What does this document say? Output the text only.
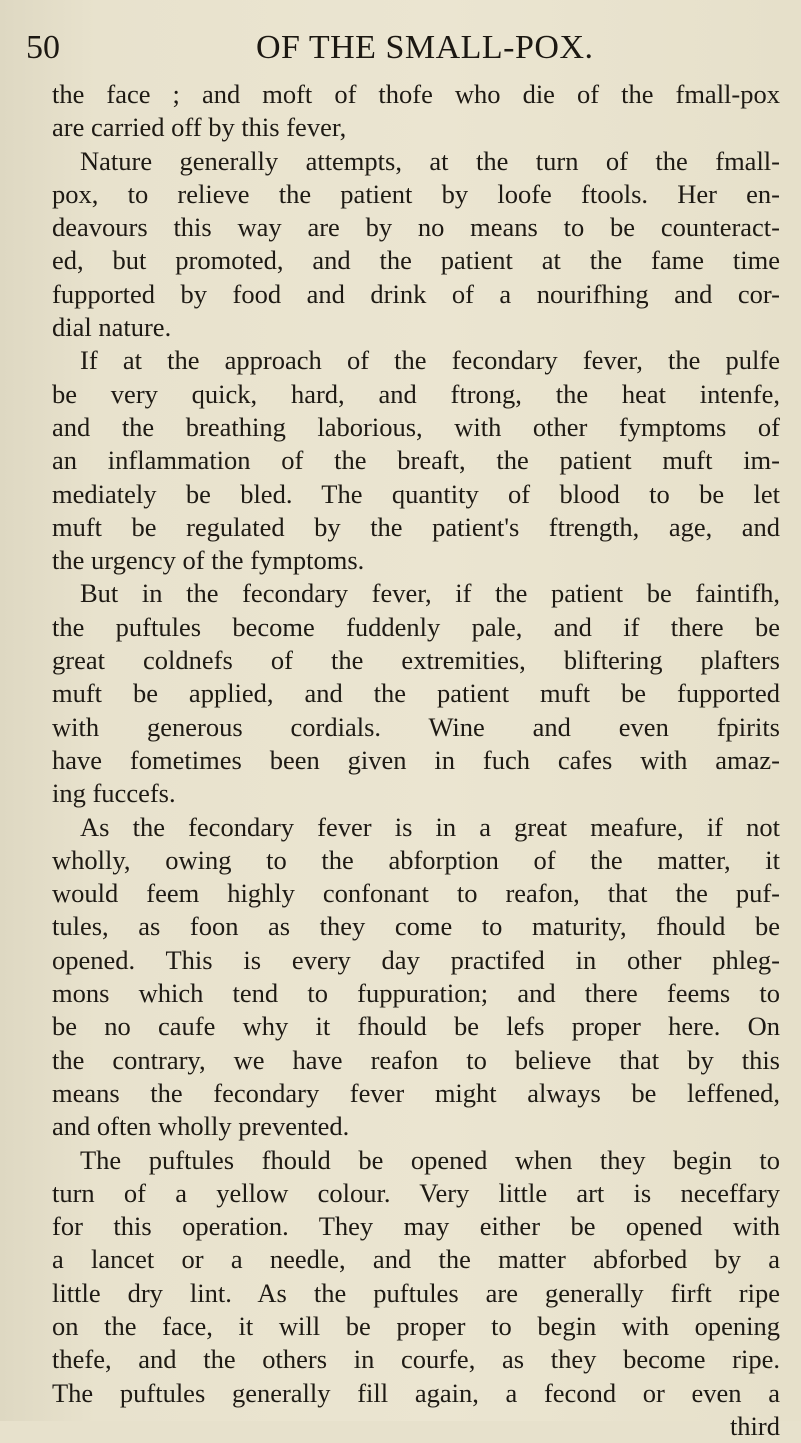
50	OF THE SMALL-POX.
the face ; and moft of thofe who die of the fmall-pox
are carried off by this fever,
Nature generally attempts, at the turn of the fmall-
pox, to relieve the patient by loofe ftools. Her en-
deavours this way are by no means to be counteract-
ed, but promoted, and the patient at the fame time
fupported by food and drink of a nourifhing and cor-
dial nature.
If at the approach of the fecondary fever, the pulfe
be very quick, hard, and ftrong, the heat intenfe,
and the breathing laborious, with other fymptoms of
an inflammation of the breaft, the patient muft im-
mediately be bled. The quantity of blood to be let
muft be regulated by the patient's ftrength, age, and
the urgency of the fymptoms.
But in the fecondary fever, if the patient be faintifh,
the puftules become fuddenly pale, and if there be
great coldnefs of the extremities, bliftering plafters
muft be applied, and the patient muft be fupported
with generous cordials. Wine and even fpirits
have fometimes been given in fuch cafes with amaz-
ing fuccefs.
As the fecondary fever is in a great meafure, if not
wholly, owing to the abforption of the matter, it
would feem highly confonant to reafon, that the puf-
tules, as foon as they come to maturity, fhould be
opened. This is every day practifed in other phleg-
mons which tend to fuppuration; and there feems to
be no caufe why it fhould be lefs proper here. On
the contrary, we have reafon to believe that by this
means the fecondary fever might always be leffened,
and often wholly prevented.
The puftules fhould be opened when they begin to
turn of a yellow colour. Very little art is neceffary
for this operation. They may either be opened with
a lancet or a needle, and the matter abforbed by a
little dry lint. As the puftules are generally firft ripe
on the face, it will be proper to begin with opening
thefe, and the others in courfe, as they become ripe.
The puftules generally fill again, a fecond or even a
third
